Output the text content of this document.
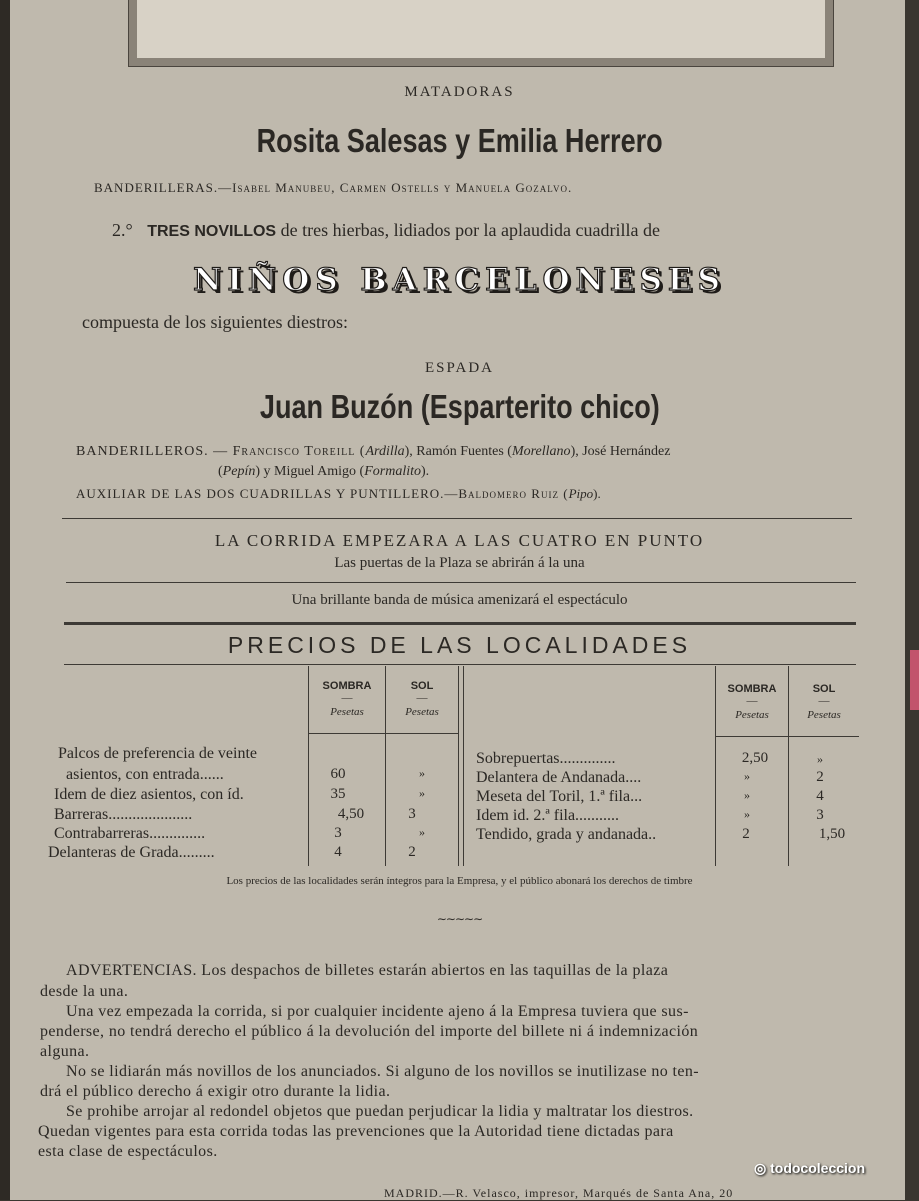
MATADORAS
Rosita Salesas y Emilia Herrero
BANDERILLERAS.—Isabel Manubeu, Carmen Ostells y Manuela Gozalvo.
2.° TRES NOVILLOS de tres hierbas, lidiados por la aplaudida cuadrilla de
NIÑOS BARCELONESES
compuesta de los siguientes diestros:
ESPADA
Juan Buzón (Esparterito chico)
BANDERILLEROS. — Francisco Toreill (Ardilla), Ramón Fuentes (Morellano), José Hernández
(Pepín) y Miguel Amigo (Formalito).
AUXILIAR DE LAS DOS CUADRILLAS Y PUNTILLERO.—Baldomero Ruiz (Pipo).
LA CORRIDA EMPEZARA A LAS CUATRO EN PUNTO
Las puertas de la Plaza se abrirán á la una
Una brillante banda de música amenizará el espectáculo
PRECIOS DE LAS LOCALIDADES
SOMBRA
—
Pesetas
SOL
—
Pesetas
SOMBRA
—
Pesetas
SOL
—
Pesetas
Palcos de preferencia de veinte
asientos, con entrada......
Idem de diez asientos, con íd.
Barreras.....................
Contrabarreras..............
Delanteras de Grada.........
60
35
4,50
3
4
»
»
3
»
2
Sobrepuertas..............
Delantera de Andanada....
Meseta del Toril, 1.ª fila...
Idem id. 2.ª fila...........
Tendido, grada y andanada..
2,50
»
»
»
2
»
2
4
3
1,50
Los precios de las localidades serán íntegros para la Empresa, y el público abonará los derechos de timbre
∼∼∼∼∼
ADVERTENCIAS. Los despachos de billetes estarán abiertos en las taquillas de la plaza
desde la una.
Una vez empezada la corrida, si por cualquier incidente ajeno á la Empresa tuviera que sus-
penderse, no tendrá derecho el público á la devolución del importe del billete ni á indemnización
alguna.
No se lidiarán más novillos de los anunciados. Si alguno de los novillos se inutilizase no ten-
drá el público derecho á exigir otro durante la lidia.
Se prohibe arrojar al redondel objetos que puedan perjudicar la lidia y maltratar los diestros.
Quedan vigentes para esta corrida todas las prevenciones que la Autoridad tiene dictadas para
esta clase de espectáculos.
MADRID.—R. Velasco, impresor, Marqués de Santa Ana, 20
◎ todocoleccion
